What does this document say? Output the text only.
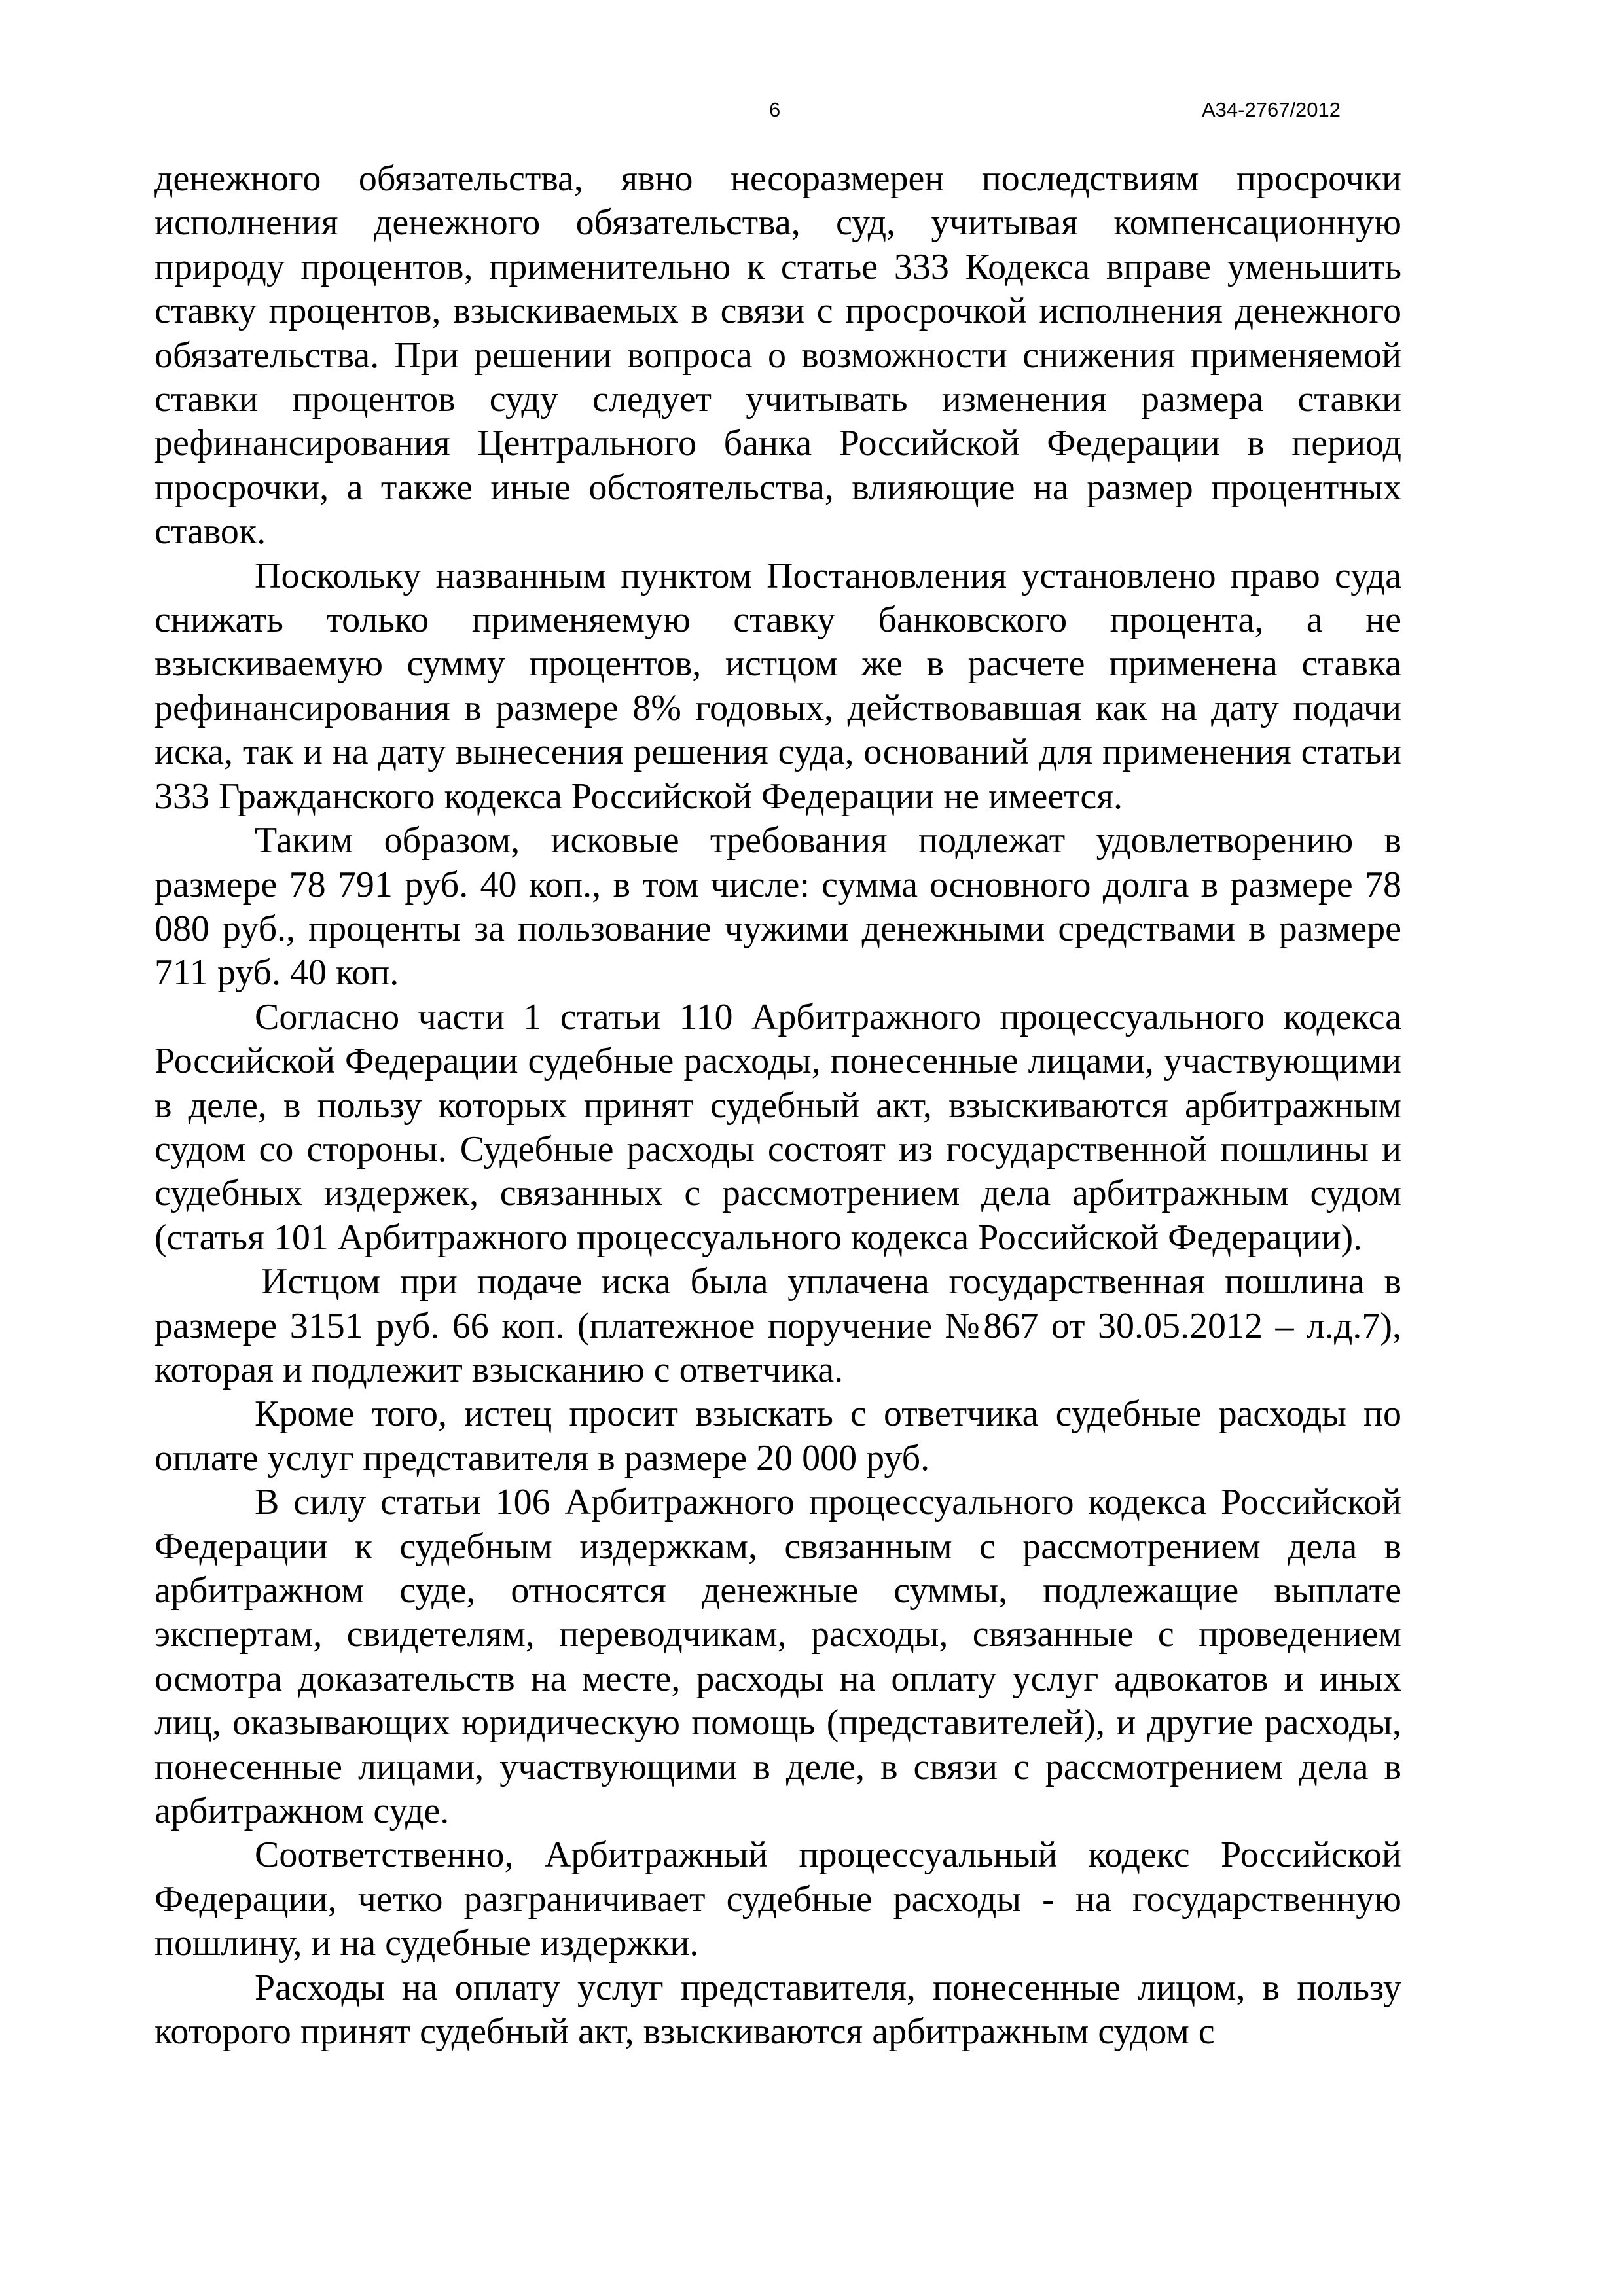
6	А34-2767/2012

денежного обязательства, явно несоразмерен последствиям просрочки исполнения денежного обязательства, суд, учитывая компенсационную природу процентов, применительно к статье 333 Кодекса вправе уменьшить ставку процентов, взыскиваемых в связи с просрочкой исполнения денежного обязательства. При решении вопроса о возможности снижения применяемой ставки процентов суду следует учитывать изменения размера ставки рефинансирования Центрального банка Российской Федерации в период просрочки, а также иные обстоятельства, влияющие на размер процентных ставок.

Поскольку названным пунктом Постановления установлено право суда снижать только применяемую ставку банковского процента, а не взыскиваемую сумму процентов, истцом же в расчете применена ставка рефинансирования в размере 8% годовых, действовавшая как на дату подачи иска, так и на дату вынесения решения суда, оснований для применения статьи 333 Гражданского кодекса Российской Федерации не имеется.

Таким образом, исковые требования подлежат удовлетворению в размере 78 791 руб. 40 коп., в том числе: сумма основного долга в размере 78 080 руб., проценты за пользование чужими денежными средствами в размере 711 руб. 40 коп.

Согласно части 1 статьи 110 Арбитражного процессуального кодекса Российской Федерации судебные расходы, понесенные лицами, участвующими в деле, в пользу которых принят судебный акт, взыскиваются арбитражным судом со стороны. Судебные расходы состоят из государственной пошлины и судебных издержек, связанных с рассмотрением дела арбитражным судом (статья 101 Арбитражного процессуального кодекса Российской Федерации).

Истцом при подаче иска была уплачена государственная пошлина в размере 3151 руб. 66 коп. (платежное поручение №867 от 30.05.2012 – л.д.7), которая и подлежит взысканию с ответчика.

Кроме того, истец просит взыскать с ответчика судебные расходы по оплате услуг представителя в размере 20 000 руб.

В силу статьи 106 Арбитражного процессуального кодекса Российской Федерации к судебным издержкам, связанным с рассмотрением дела в арбитражном суде, относятся денежные суммы, подлежащие выплате экспертам, свидетелям, переводчикам, расходы, связанные с проведением осмотра доказательств на месте, расходы на оплату услуг адвокатов и иных лиц, оказывающих юридическую помощь (представителей), и другие расходы, понесенные лицами, участвующими в деле, в связи с рассмотрением дела в арбитражном суде.

Соответственно, Арбитражный процессуальный кодекс Российской Федерации, четко разграничивает судебные расходы - на государственную пошлину, и на судебные издержки.

Расходы на оплату услуг представителя, понесенные лицом, в пользу которого принят судебный акт, взыскиваются арбитражным судом с
